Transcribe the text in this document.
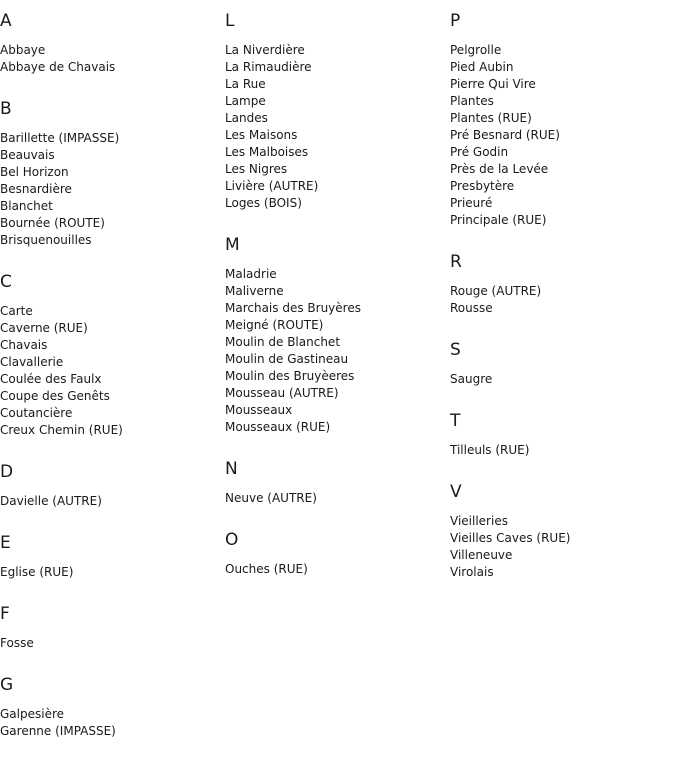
A
Abbaye
Abbaye de Chavais
B
Barillette (IMPASSE)
Beauvais
Bel Horizon
Besnardière
Blanchet
Bournée (ROUTE)
Brisquenouilles
C
Carte
Caverne (RUE)
Chavais
Clavallerie
Coulée des Faulx
Coupe des Genêts
Coutancière
Creux Chemin (RUE)
D
Davielle (AUTRE)
E
Eglise (RUE)
F
Fosse
G
Galpesière
Garenne (IMPASSE)
L
La Niverdière
La Rimaudière
La Rue
Lampe
Landes
Les Maisons
Les Malboises
Les Nigres
Livière (AUTRE)
Loges (BOIS)
M
Maladrie
Maliverne
Marchais des Bruyères
Meigné (ROUTE)
Moulin de Blanchet
Moulin de Gastineau
Moulin des Bruyèeres
Mousseau (AUTRE)
Mousseaux
Mousseaux (RUE)
N
Neuve (AUTRE)
O
Ouches (RUE)
P
Pelgrolle
Pied Aubin
Pierre Qui Vire
Plantes
Plantes (RUE)
Pré Besnard (RUE)
Pré Godin
Près de la Levée
Presbytère
Prieuré
Principale (RUE)
R
Rouge (AUTRE)
Rousse
S
Saugre
T
Tilleuls (RUE)
V
Vieilleries
Vieilles Caves (RUE)
Villeneuve
Virolais
